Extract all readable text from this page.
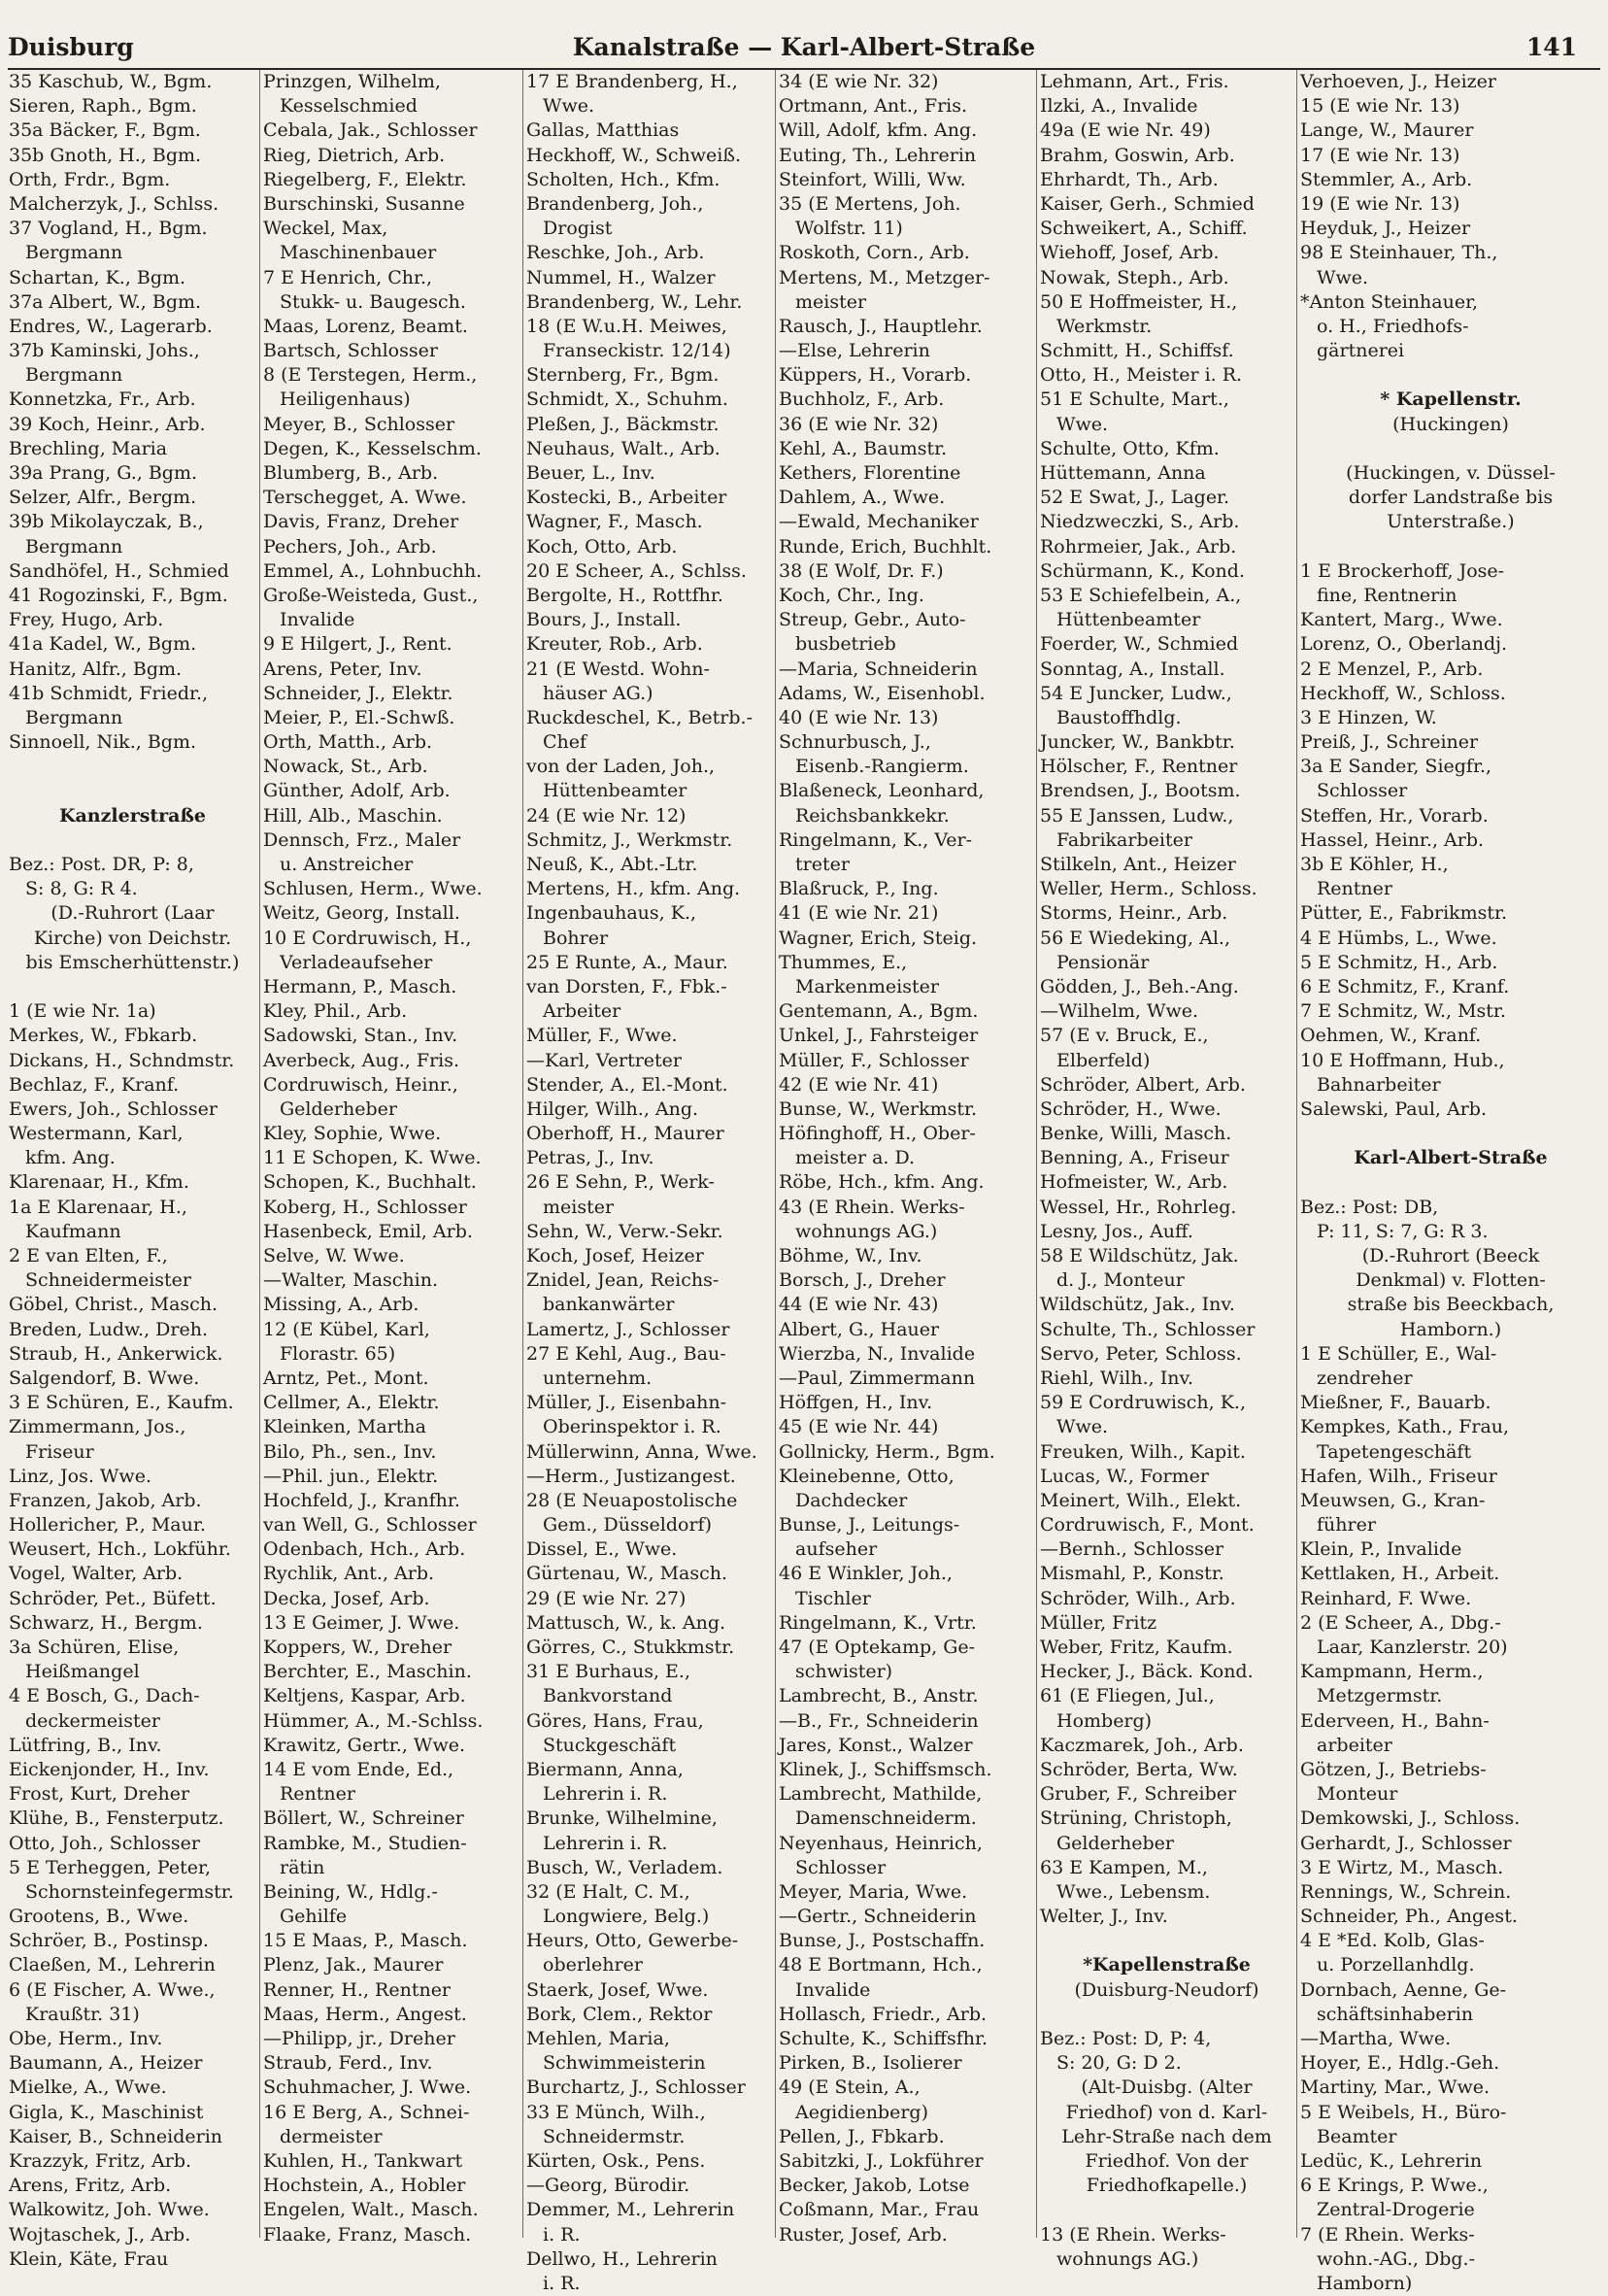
Duisburg	Kanalstraße — Karl-Albert-Straße	141
35 Kaschub, W., Bgm.
Sieren, Raph., Bgm.
35a Bäcker, F., Bgm.
35b Gnoth, H., Bgm.
Orth, Frdr., Bgm.
Malcherzyk, J., Schlss.
37 Vogland, H., Bgm.
Bergmann
Schartan, K., Bgm.
37a Albert, W., Bgm.
Endres, W., Lagerarb.
37b Kaminski, Johs.,
Bergmann
Konnetzka, Fr., Arb.
39 Koch, Heinr., Arb.
Brechling, Maria
39a Prang, G., Bgm.
Selzer, Alfr., Bergm.
39b Mikolayczak, B.,
Bergmann
Sandhöfel, H., Schmied
41 Rogozinski, F., Bgm.
Frey, Hugo, Arb.
41a Kadel, W., Bgm.
Hanitz, Alfr., Bgm.
41b Schmidt, Friedr.,
Bergmann
Sinnoell, Nik., Bgm.
Kanzlerstraße
Bez.: Post. DR, P: 8,
S: 8, G: R 4.
(D.-Ruhrort (Laar
Kirche) von Deichstr.
bis Emscherhüttenstr.)
1 (E wie Nr. 1a)
Merkes, W., Fbkarb.
Dickans, H., Schndmstr.
Bechlaz, F., Kranf.
Ewers, Joh., Schlosser
Westermann, Karl,
kfm. Ang.
Klarenaar, H., Kfm.
1a E Klarenaar, H.,
Kaufmann
2 E van Elten, F.,
Schneidermeister
Göbel, Christ., Masch.
Breden, Ludw., Dreh.
Straub, H., Ankerwick.
Salgendorf, B. Wwe.
3 E Schüren, E., Kaufm.
Zimmermann, Jos.,
Friseur
Linz, Jos. Wwe.
Franzen, Jakob, Arb.
Hollericher, P., Maur.
Weusert, Hch., Lokführ.
Vogel, Walter, Arb.
Schröder, Pet., Büfett.
Schwarz, H., Bergm.
3a Schüren, Elise,
Heißmangel
4 E Bosch, G., Dach-
deckermeister
Lütfring, B., Inv.
Eickenjonder, H., Inv.
Frost, Kurt, Dreher
Klühe, B., Fensterputz.
Otto, Joh., Schlosser
5 E Terheggen, Peter,
Schornsteinfegermstr.
Grootens, B., Wwe.
Schröer, B., Postinsp.
Claeßen, M., Lehrerin
6 (E Fischer, A. Wwe.,
Kraußtr. 31)
Obe, Herm., Inv.
Baumann, A., Heizer
Mielke, A., Wwe.
Gigla, K., Maschinist
Kaiser, B., Schneiderin
Krazzyk, Fritz, Arb.
Arens, Fritz, Arb.
Walkowitz, Joh. Wwe.
Wojtaschek, J., Arb.
Klein, Käte, Frau
Prinzgen, Wilhelm,
Kesselschmied
Cebala, Jak., Schlosser
Rieg, Dietrich, Arb.
Riegelberg, F., Elektr.
Burschinski, Susanne
Weckel, Max,
Maschinenbauer
7 E Henrich, Chr.,
Stukk- u. Baugesch.
Maas, Lorenz, Beamt.
Bartsch, Schlosser
8 (E Terstegen, Herm.,
Heiligenhaus)
Meyer, B., Schlosser
Degen, K., Kesselschm.
Blumberg, B., Arb.
Terschegget, A. Wwe.
Davis, Franz, Dreher
Pechers, Joh., Arb.
Emmel, A., Lohnbuchh.
Große-Weisteda, Gust.,
Invalide
9 E Hilgert, J., Rent.
Arens, Peter, Inv.
Schneider, J., Elektr.
Meier, P., El.-Schwß.
Orth, Matth., Arb.
Nowack, St., Arb.
Günther, Adolf, Arb.
Hill, Alb., Maschin.
Dennsch, Frz., Maler
u. Anstreicher
Schlusen, Herm., Wwe.
Weitz, Georg, Install.
10 E Cordruwisch, H.,
Verladeaufseher
Hermann, P., Masch.
Kley, Phil., Arb.
Sadowski, Stan., Inv.
Averbeck, Aug., Fris.
Cordruwisch, Heinr.,
Gelderheber
Kley, Sophie, Wwe.
11 E Schopen, K. Wwe.
Schopen, K., Buchhalt.
Koberg, H., Schlosser
Hasenbeck, Emil, Arb.
Selve, W. Wwe.
—Walter, Maschin.
Missing, A., Arb.
12 (E Kübel, Karl,
Florastr. 65)
Arntz, Pet., Mont.
Cellmer, A., Elektr.
Kleinken, Martha
Bilo, Ph., sen., Inv.
—Phil. jun., Elektr.
Hochfeld, J., Kranfhr.
van Well, G., Schlosser
Odenbach, Hch., Arb.
Rychlik, Ant., Arb.
Decka, Josef, Arb.
13 E Geimer, J. Wwe.
Koppers, W., Dreher
Berchter, E., Maschin.
Keltjens, Kaspar, Arb.
Hümmer, A., M.-Schlss.
Krawitz, Gertr., Wwe.
14 E vom Ende, Ed.,
Rentner
Böllert, W., Schreiner
Rambke, M., Studien-
rätin
Beining, W., Hdlg.-
Gehilfe
15 E Maas, P., Masch.
Plenz, Jak., Maurer
Renner, H., Rentner
Maas, Herm., Angest.
—Philipp, jr., Dreher
Straub, Ferd., Inv.
Schuhmacher, J. Wwe.
16 E Berg, A., Schnei-
dermeister
Kuhlen, H., Tankwart
Hochstein, A., Hobler
Engelen, Walt., Masch.
Flaake, Franz, Masch.
17 E Brandenberg, H.,
Wwe.
Gallas, Matthias
Heckhoff, W., Schweiß.
Scholten, Hch., Kfm.
Brandenberg, Joh.,
Drogist
Reschke, Joh., Arb.
Nummel, H., Walzer
Brandenberg, W., Lehr.
18 (E W.u.H. Meiwes,
Franseckistr. 12/14)
Sternberg, Fr., Bgm.
Schmidt, X., Schuhm.
Pleßen, J., Bäckmstr.
Neuhaus, Walt., Arb.
Beuer, L., Inv.
Kostecki, B., Arbeiter
Wagner, F., Masch.
Koch, Otto, Arb.
20 E Scheer, A., Schlss.
Bergolte, H., Rottfhr.
Bours, J., Install.
Kreuter, Rob., Arb.
21 (E Westd. Wohn-
häuser AG.)
Ruckdeschel, K., Betrb.-
Chef
von der Laden, Joh.,
Hüttenbeamter
24 (E wie Nr. 12)
Schmitz, J., Werkmstr.
Neuß, K., Abt.-Ltr.
Mertens, H., kfm. Ang.
Ingenbauhaus, K.,
Bohrer
25 E Runte, A., Maur.
van Dorsten, F., Fbk.-
Arbeiter
Müller, F., Wwe.
—Karl, Vertreter
Stender, A., El.-Mont.
Hilger, Wilh., Ang.
Oberhoff, H., Maurer
Petras, J., Inv.
26 E Sehn, P., Werk-
meister
Sehn, W., Verw.-Sekr.
Koch, Josef, Heizer
Znidel, Jean, Reichs-
bankanwärter
Lamertz, J., Schlosser
27 E Kehl, Aug., Bau-
unternehm.
Müller, J., Eisenbahn-
Oberinspektor i. R.
Müllerwinn, Anna, Wwe.
—Herm., Justizangest.
28 (E Neuapostolische
Gem., Düsseldorf)
Dissel, E., Wwe.
Gürtenau, W., Masch.
29 (E wie Nr. 27)
Mattusch, W., k. Ang.
Görres, C., Stukkmstr.
31 E Burhaus, E.,
Bankvorstand
Göres, Hans, Frau,
Stuckgeschäft
Biermann, Anna,
Lehrerin i. R.
Brunke, Wilhelmine,
Lehrerin i. R.
Busch, W., Verladem.
32 (E Halt, C. M.,
Longwiere, Belg.)
Heurs, Otto, Gewerbe-
oberlehrer
Staerk, Josef, Wwe.
Bork, Clem., Rektor
Mehlen, Maria,
Schwimmeisterin
Burchartz, J., Schlosser
33 E Münch, Wilh.,
Schneidermstr.
Kürten, Osk., Pens.
—Georg, Bürodir.
Demmer, M., Lehrerin
i. R.
Dellwo, H., Lehrerin
i. R.
34 (E wie Nr. 32)
Ortmann, Ant., Fris.
Will, Adolf, kfm. Ang.
Euting, Th., Lehrerin
Steinfort, Willi, Ww.
35 (E Mertens, Joh.
Wolfstr. 11)
Roskoth, Corn., Arb.
Mertens, M., Metzger-
meister
Rausch, J., Hauptlehr.
—Else, Lehrerin
Küppers, H., Vorarb.
Buchholz, F., Arb.
36 (E wie Nr. 32)
Kehl, A., Baumstr.
Kethers, Florentine
Dahlem, A., Wwe.
—Ewald, Mechaniker
Runde, Erich, Buchhlt.
38 (E Wolf, Dr. F.)
Koch, Chr., Ing.
Streup, Gebr., Auto-
busbetrieb
—Maria, Schneiderin
Adams, W., Eisenhobl.
40 (E wie Nr. 13)
Schnurbusch, J.,
Eisenb.-Rangierm.
Blaßeneck, Leonhard,
Reichsbankkekr.
Ringelmann, K., Ver-
treter
Blaßruck, P., Ing.
41 (E wie Nr. 21)
Wagner, Erich, Steig.
Thummes, E.,
Markenmeister
Gentemann, A., Bgm.
Unkel, J., Fahrsteiger
Müller, F., Schlosser
42 (E wie Nr. 41)
Bunse, W., Werkmstr.
Höfinghoff, H., Ober-
meister a. D.
Röbe, Hch., kfm. Ang.
43 (E Rhein. Werks-
wohnungs AG.)
Böhme, W., Inv.
Borsch, J., Dreher
44 (E wie Nr. 43)
Albert, G., Hauer
Wierzba, N., Invalide
—Paul, Zimmermann
Höffgen, H., Inv.
45 (E wie Nr. 44)
Gollnicky, Herm., Bgm.
Kleinebenne, Otto,
Dachdecker
Bunse, J., Leitungs-
aufseher
46 E Winkler, Joh.,
Tischler
Ringelmann, K., Vrtr.
47 (E Optekamp, Ge-
schwister)
Lambrecht, B., Anstr.
—B., Fr., Schneiderin
Jares, Konst., Walzer
Klinek, J., Schiffsmsch.
Lambrecht, Mathilde,
Damenschneiderm.
Neyenhaus, Heinrich,
Schlosser
Meyer, Maria, Wwe.
—Gertr., Schneiderin
Bunse, J., Postschaffn.
48 E Bortmann, Hch.,
Invalide
Hollasch, Friedr., Arb.
Schulte, K., Schiffsfhr.
Pirken, B., Isolierer
49 (E Stein, A.,
Aegidienberg)
Pellen, J., Fbkarb.
Sabitzki, J., Lokführer
Becker, Jakob, Lotse
Coßmann, Mar., Frau
Ruster, Josef, Arb.
Lehmann, Art., Fris.
Ilzki, A., Invalide
49a (E wie Nr. 49)
Brahm, Goswin, Arb.
Ehrhardt, Th., Arb.
Kaiser, Gerh., Schmied
Schweikert, A., Schiff.
Wiehoff, Josef, Arb.
Nowak, Steph., Arb.
50 E Hoffmeister, H.,
Werkmstr.
Schmitt, H., Schiffsf.
Otto, H., Meister i. R.
51 E Schulte, Mart.,
Wwe.
Schulte, Otto, Kfm.
Hüttemann, Anna
52 E Swat, J., Lager.
Niedzweczki, S., Arb.
Rohrmeier, Jak., Arb.
Schürmann, K., Kond.
53 E Schiefelbein, A.,
Hüttenbeamter
Foerder, W., Schmied
Sonntag, A., Install.
54 E Juncker, Ludw.,
Baustoffhdlg.
Juncker, W., Bankbtr.
Hölscher, F., Rentner
Brendsen, J., Bootsm.
55 E Janssen, Ludw.,
Fabrikarbeiter
Stilkeln, Ant., Heizer
Weller, Herm., Schloss.
Storms, Heinr., Arb.
56 E Wiedeking, Al.,
Pensionär
Gödden, J., Beh.-Ang.
—Wilhelm, Wwe.
57 (E v. Bruck, E.,
Elberfeld)
Schröder, Albert, Arb.
Schröder, H., Wwe.
Benke, Willi, Masch.
Benning, A., Friseur
Hofmeister, W., Arb.
Wessel, Hr., Rohrleg.
Lesny, Jos., Auff.
58 E Wildschütz, Jak.
d. J., Monteur
Wildschütz, Jak., Inv.
Schulte, Th., Schlosser
Servo, Peter, Schloss.
Riehl, Wilh., Inv.
59 E Cordruwisch, K.,
Wwe.
Freuken, Wilh., Kapit.
Lucas, W., Former
Meinert, Wilh., Elekt.
Cordruwisch, F., Mont.
—Bernh., Schlosser
Mismahl, P., Konstr.
Schröder, Wilh., Arb.
Müller, Fritz
Weber, Fritz, Kaufm.
Hecker, J., Bäck. Kond.
61 (E Fliegen, Jul.,
Homberg)
Kaczmarek, Joh., Arb.
Schröder, Berta, Ww.
Gruber, F., Schreiber
Strüning, Christoph,
Gelderheber
63 E Kampen, M.,
Wwe., Lebensm.
Welter, J., Inv.
*Kapellenstraße
(Duisburg-Neudorf)
Bez.: Post: D, P: 4,
S: 20, G: D 2.
(Alt-Duisbg. (Alter
Friedhof) von d. Karl-
Lehr-Straße nach dem
Friedhof. Von der
Friedhofkapelle.)
13 (E Rhein. Werks-
wohnungs AG.)
Verhoeven, J., Heizer
15 (E wie Nr. 13)
Lange, W., Maurer
17 (E wie Nr. 13)
Stemmler, A., Arb.
19 (E wie Nr. 13)
Heyduk, J., Heizer
98 E Steinhauer, Th.,
Wwe.
*Anton Steinhauer,
o. H., Friedhofs-
gärtnerei
* Kapellenstr.
(Huckingen)
(Huckingen, v. Düssel-
dorfer Landstraße bis
Unterstraße.)
1 E Brockerhoff, Jose-
fine, Rentnerin
Kantert, Marg., Wwe.
Lorenz, O., Oberlandj.
2 E Menzel, P., Arb.
Heckhoff, W., Schloss.
3 E Hinzen, W.
Preiß, J., Schreiner
3a E Sander, Siegfr.,
Schlosser
Steffen, Hr., Vorarb.
Hassel, Heinr., Arb.
3b E Köhler, H.,
Rentner
Pütter, E., Fabrikmstr.
4 E Hümbs, L., Wwe.
5 E Schmitz, H., Arb.
6 E Schmitz, F., Kranf.
7 E Schmitz, W., Mstr.
Oehmen, W., Kranf.
10 E Hoffmann, Hub.,
Bahnarbeiter
Salewski, Paul, Arb.
Karl-Albert-Straße
Bez.: Post: DB,
P: 11, S: 7, G: R 3.
(D.-Ruhrort (Beeck
Denkmal) v. Flotten-
straße bis Beeckbach,
Hamborn.)
1 E Schüller, E., Wal-
zendreher
Mießner, F., Bauarb.
Kempkes, Kath., Frau,
Tapetengeschäft
Hafen, Wilh., Friseur
Meuwsen, G., Kran-
führer
Klein, P., Invalide
Kettlaken, H., Arbeit.
Reinhard, F. Wwe.
2 (E Scheer, A., Dbg.-
Laar, Kanzlerstr. 20)
Kampmann, Herm.,
Metzgermstr.
Ederveen, H., Bahn-
arbeiter
Götzen, J., Betriebs-
Monteur
Demkowski, J., Schloss.
Gerhardt, J., Schlosser
3 E Wirtz, M., Masch.
Rennings, W., Schrein.
Schneider, Ph., Angest.
4 E *Ed. Kolb, Glas-
u. Porzellanhdlg.
Dornbach, Aenne, Ge-
schäftsinhaberin
—Martha, Wwe.
Hoyer, E., Hdlg.-Geh.
Martiny, Mar., Wwe.
5 E Weibels, H., Büro-
Beamter
Ledüc, K., Lehrerin
6 E Krings, P. Wwe.,
Zentral-Drogerie
7 (E Rhein. Werks-
wohn.-AG., Dbg.-
Hamborn)
